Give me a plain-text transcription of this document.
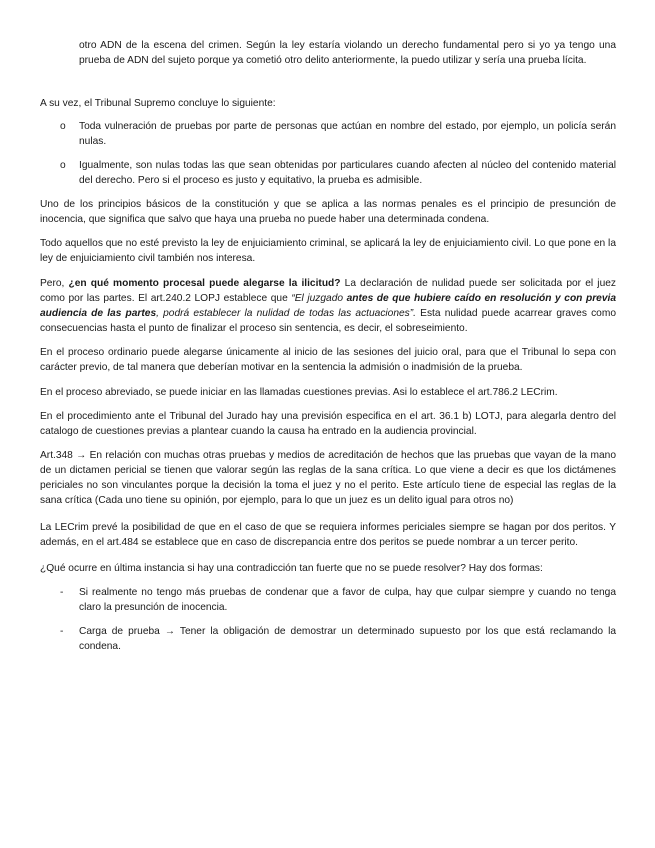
otro ADN de la escena del crimen. Según la ley estaría violando un derecho fundamental pero si yo ya tengo una prueba de ADN del sujeto porque ya cometió otro delito anteriormente, la puedo utilizar y sería una prueba lícita.

A su vez, el Tribunal Supremo concluye lo siguiente:

o	Toda vulneración de pruebas por parte de personas que actúan en nombre del estado, por ejemplo, un policía serán nulas.

o	Igualmente, son nulas todas las que sean obtenidas por particulares cuando afecten al núcleo del contenido material del derecho. Pero si el proceso es justo y equitativo, la prueba es admisible.

Uno de los principios básicos de la constitución y que se aplica a las normas penales es el principio de presunción de inocencia, que significa que salvo que haya una prueba no puede haber una determinada condena.

Todo aquellos que no esté previsto la ley de enjuiciamiento criminal, se aplicará la ley de enjuiciamiento civil. Lo que pone en la ley de enjuiciamiento civil también nos interesa.

Pero, ¿en qué momento procesal puede alegarse la ilicitud? La declaración de nulidad puede ser solicitada por el juez como por las partes. El art.240.2 LOPJ establece que “El juzgado antes de que hubiere caído en resolución y con previa audiencia de las partes, podrá establecer la nulidad de todas las actuaciones”. Esta nulidad puede acarrear graves como consecuencias hasta el punto de finalizar el proceso sin sentencia, es decir, el sobreseimiento.

En el proceso ordinario puede alegarse únicamente al inicio de las sesiones del juicio oral, para que el Tribunal lo sepa con carácter previo, de tal manera que deberían motivar en la sentencia la admisión o inadmisión de la prueba.

En el proceso abreviado, se puede iniciar en las llamadas cuestiones previas. Asi lo establece el art.786.2 LECrim.

En el procedimiento ante el Tribunal del Jurado hay una previsión especifica en el art. 36.1 b) LOTJ, para alegarla dentro del catalogo de cuestiones previas a plantear cuando la causa ha entrado en la audiencia provincial.

Art.348 → En relación con muchas otras pruebas y medios de acreditación de hechos que las pruebas que vayan de la mano de un dictamen pericial se tienen que valorar según las reglas de la sana crítica. Lo que viene a decir es que los dictámenes periciales no son vinculantes porque la decisión la toma el juez y no el perito. Este artículo tiene de especial las reglas de la sana crítica (Cada uno tiene su opinión, por ejemplo, para lo que un juez es un delito igual para otros no)

La LECrim prevé la posibilidad de que en el caso de que se requiera informes periciales siempre se hagan por dos peritos. Y además, en el art.484 se establece que en caso de discrepancia entre dos peritos se puede nombrar a un tercer perito.

¿Qué ocurre en última instancia si hay una contradicción tan fuerte que no se puede resolver? Hay dos formas:

-	Si realmente no tengo más pruebas de condenar que a favor de culpa, hay que culpar siempre y cuando no tenga claro la presunción de inocencia.

-	Carga de prueba → Tener la obligación de demostrar un determinado supuesto por los que está reclamando la condena.
